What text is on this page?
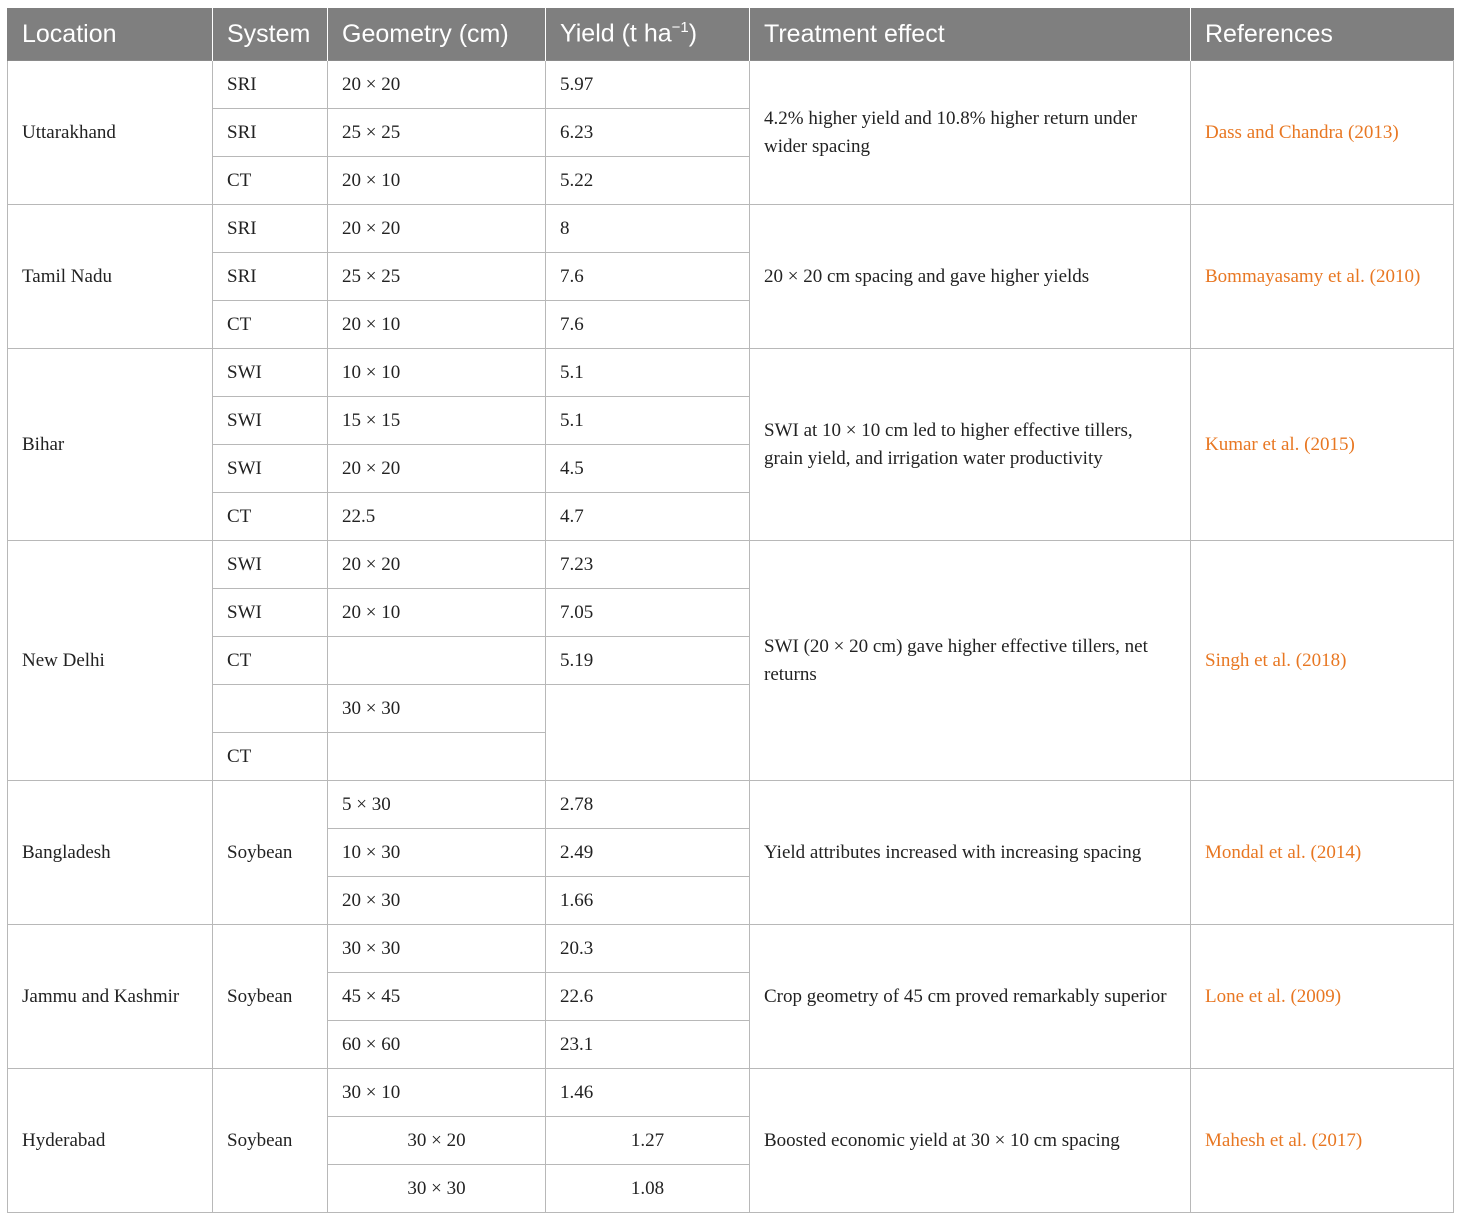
Location	System	Geometry (cm)	Yield (t $ha^{-1}$)	Treatment effect	References
Uttarakhand	SRI	20 × 20	5.97	4.2% higher yield and 10.8% higher return under wider spacing	Dass and Chandra (2013)
	SRI	25 × 25	6.23		
	CT	20 × 10	5.22		
Tamil Nadu	SRI	20 × 20	8	20 × 20 cm spacing and gave higher yields	Bommayasamy et al. (2010)
	SRI	25 × 25	7.6		
	CT	20 × 10	7.6		
Bihar	SWI	10 × 10	5.1	SWI at 10 × 10 cm led to higher effective tillers, grain yield, and irrigation water productivity	Kumar et al. (2015)
	SWI	15 × 15	5.1		
	SWI	20 × 20	4.5		
	CT	22.5	4.7		
New Delhi	SWI	20 × 20	7.23	SWI (20 × 20 cm) gave higher effective tillers, net returns	Singh et al. (2018)
	SWI	20 × 10	7.05		
	CT		5.19		
		30 × 30			
	CT				
Bangladesh	Soybean	5 × 30	2.78	Yield attributes increased with increasing spacing	Mondal et al. (2014)
		10 × 30	2.49		
		20 × 30	1.66		
Jammu and Kashmir	Soybean	30 × 30	20.3	Crop geometry of 45 cm proved remarkably superior	Lone et al. (2009)
		45 × 45	22.6		
		60 × 60	23.1		
Hyderabad	Soybean	30 × 10	1.46	Boosted economic yield at 30 × 10 cm spacing	Mahesh et al. (2017)
		30 × 20	1.27		
		30 × 30	1.08		
